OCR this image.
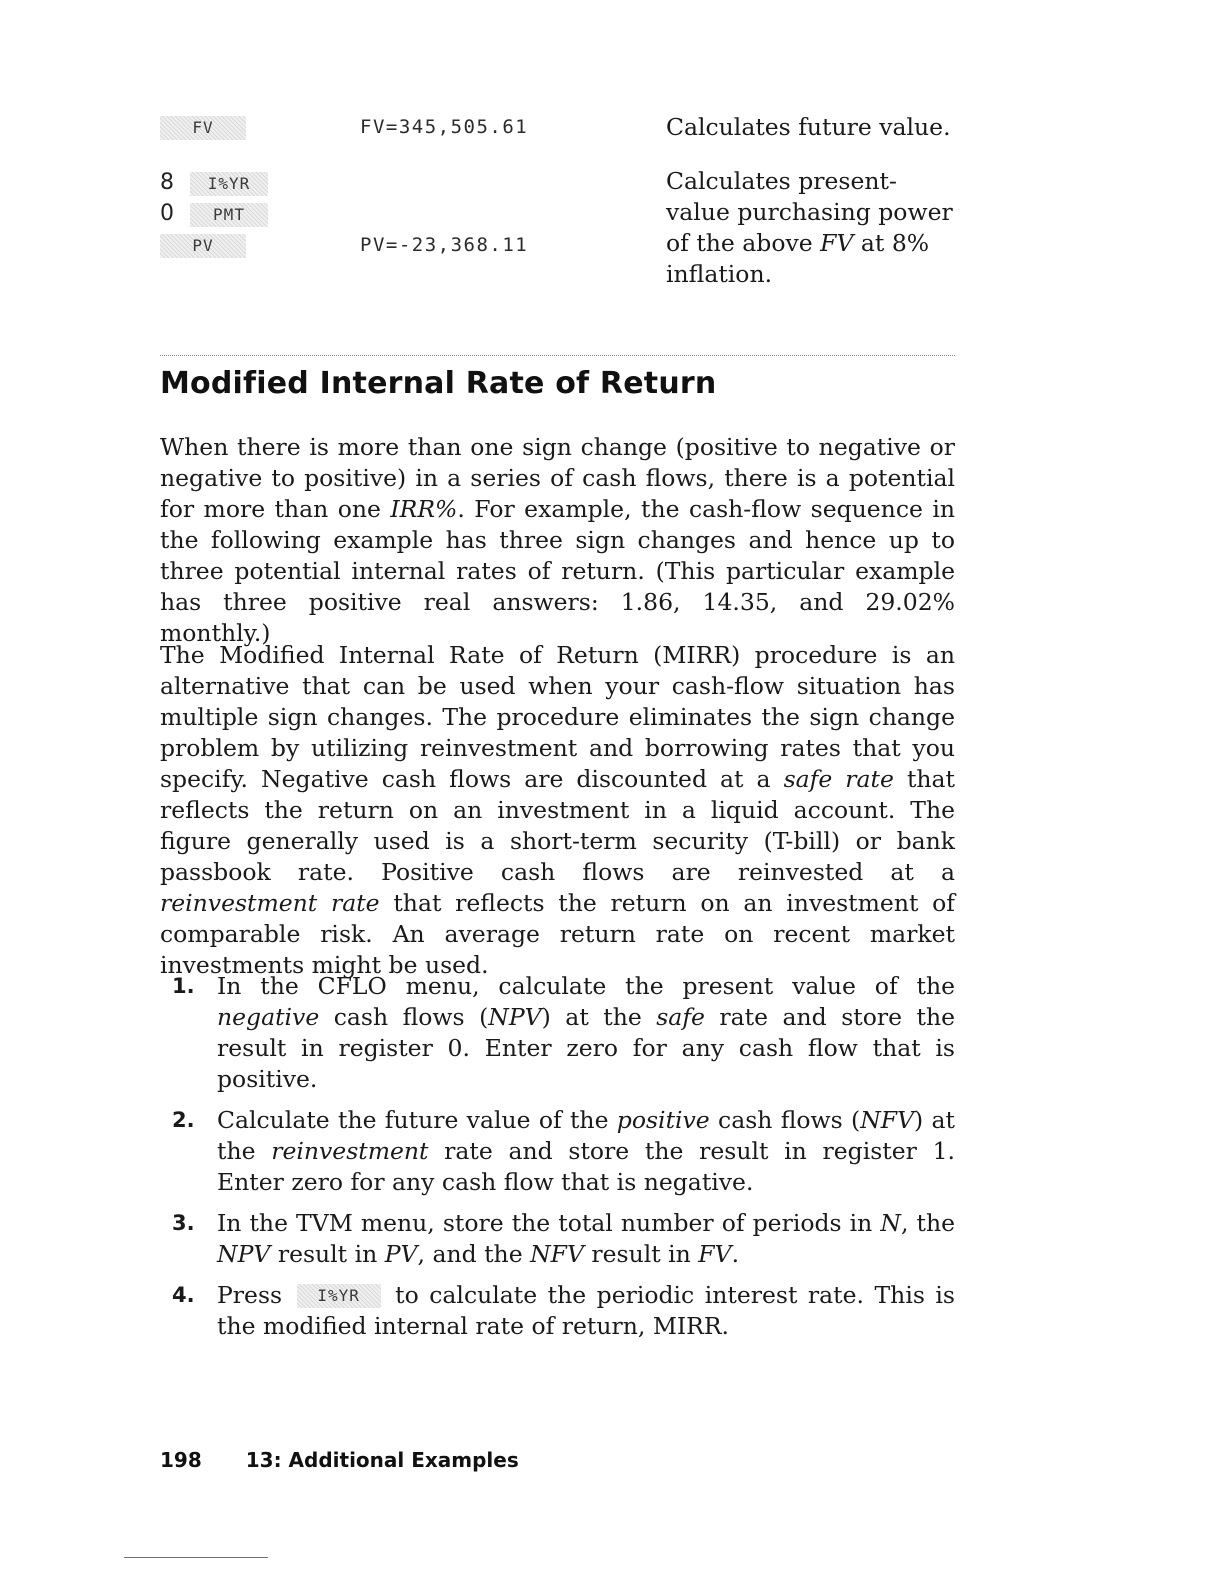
FV	FV=345,505.61	Calculates future value.
8	I%YR
0	PMT
PV	PV=-23,368.11
Calculates present-value purchasing power of the above FV at 8% inflation.
Modified Internal Rate of Return

When there is more than one sign change (positive to negative or negative to positive) in a series of cash flows, there is a potential for more than one IRR%. For example, the cash-flow sequence in the following example has three sign changes and hence up to three potential internal rates of return. (This particular example has three positive real answers: 1.86, 14.35, and 29.02% monthly.)

The Modified Internal Rate of Return (MIRR) procedure is an alternative that can be used when your cash-flow situation has multiple sign changes. The procedure eliminates the sign change problem by utilizing reinvestment and borrowing rates that you specify. Negative cash flows are discounted at a safe rate that reflects the return on an investment in a liquid account. The figure generally used is a short-term security (T-bill) or bank passbook rate. Positive cash flows are reinvested at a reinvestment rate that reflects the return on an investment of comparable risk. An average return rate on recent market investments might be used.

1. In the CFLO menu, calculate the present value of the negative cash flows (NPV) at the safe rate and store the result in register 0. Enter zero for any cash flow that is positive.
2. Calculate the future value of the positive cash flows (NFV) at the reinvestment rate and store the result in register 1. Enter zero for any cash flow that is negative.
3. In the TVM menu, store the total number of periods in N, the NPV result in PV, and the NFV result in FV.
4. Press I%YR to calculate the periodic interest rate. This is the modified internal rate of return, MIRR.
198 13: Additional Examples
